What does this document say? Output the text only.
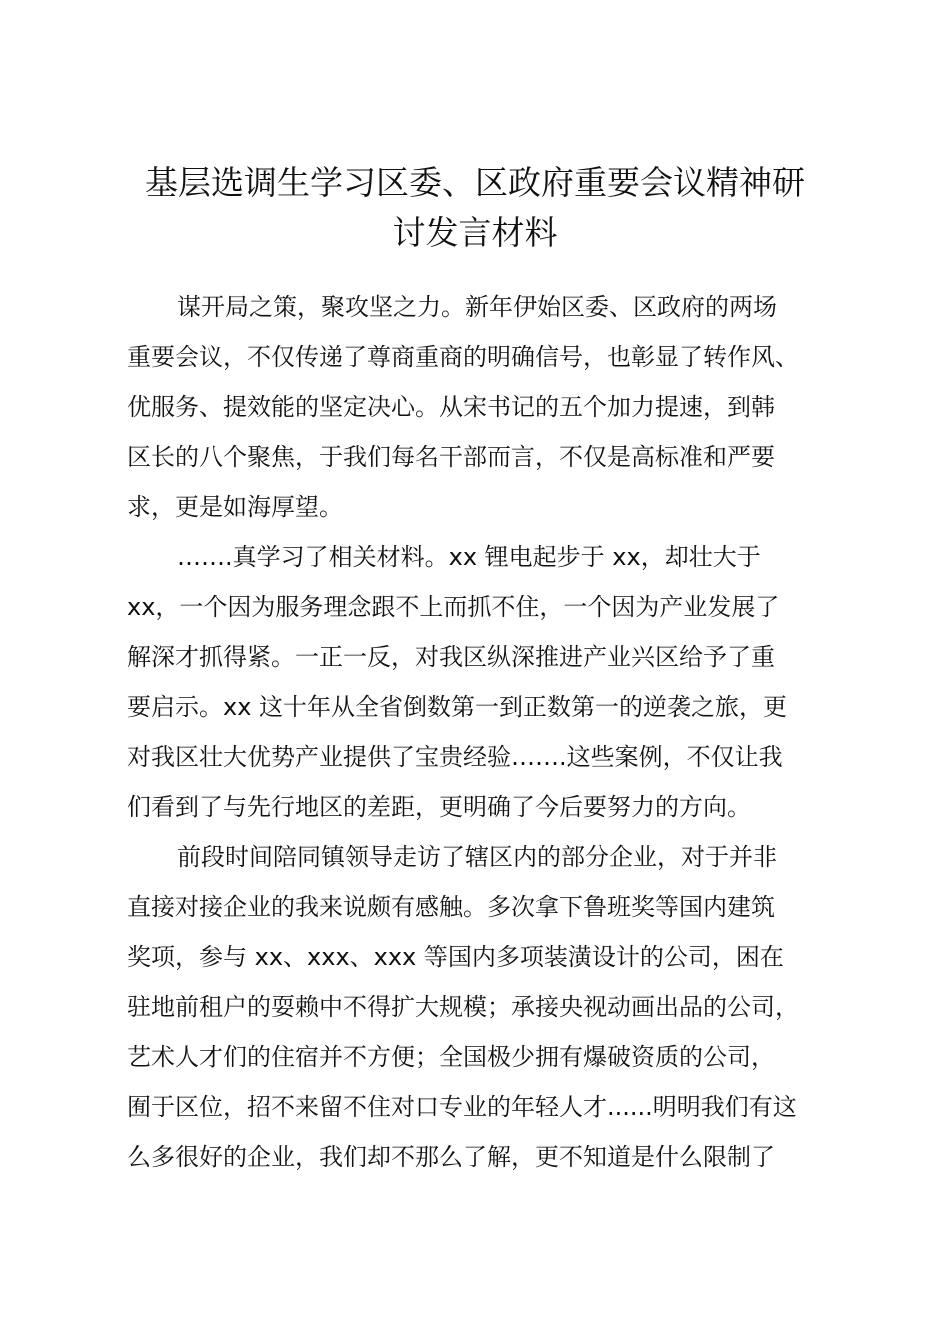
基层选调生学习区委、区政府重要会议精神研
讨发言材料
谋开局之策，聚攻坚之力。新年伊始区委、区政府的两场
重要会议，不仅传递了尊商重商的明确信号，也彰显了转作风、
优服务、提效能的坚定决心。从宋书记的五个加力提速，到韩
区长的八个聚焦，于我们每名干部而言，不仅是高标准和严要
求，更是如海厚望。
…….真学习了相关材料。xx 锂电起步于 xx，却壮大于
xx，一个因为服务理念跟不上而抓不住，一个因为产业发展了
解深才抓得紧。一正一反，对我区纵深推进产业兴区给予了重
要启示。xx 这十年从全省倒数第一到正数第一的逆袭之旅，更
对我区壮大优势产业提供了宝贵经验…….这些案例，不仅让我
们看到了与先行地区的差距，更明确了今后要努力的方向。
前段时间陪同镇领导走访了辖区内的部分企业，对于并非
直接对接企业的我来说颇有感触。多次拿下鲁班奖等国内建筑
奖项，参与 xx、xxx、xxx 等国内多项装潢设计的公司，困在
驻地前租户的耍赖中不得扩大规模；承接央视动画出品的公司，
艺术人才们的住宿并不方便；全国极少拥有爆破资质的公司，
囿于区位，招不来留不住对口专业的年轻人才......明明我们有这
么多很好的企业，我们却不那么了解，更不知道是什么限制了
